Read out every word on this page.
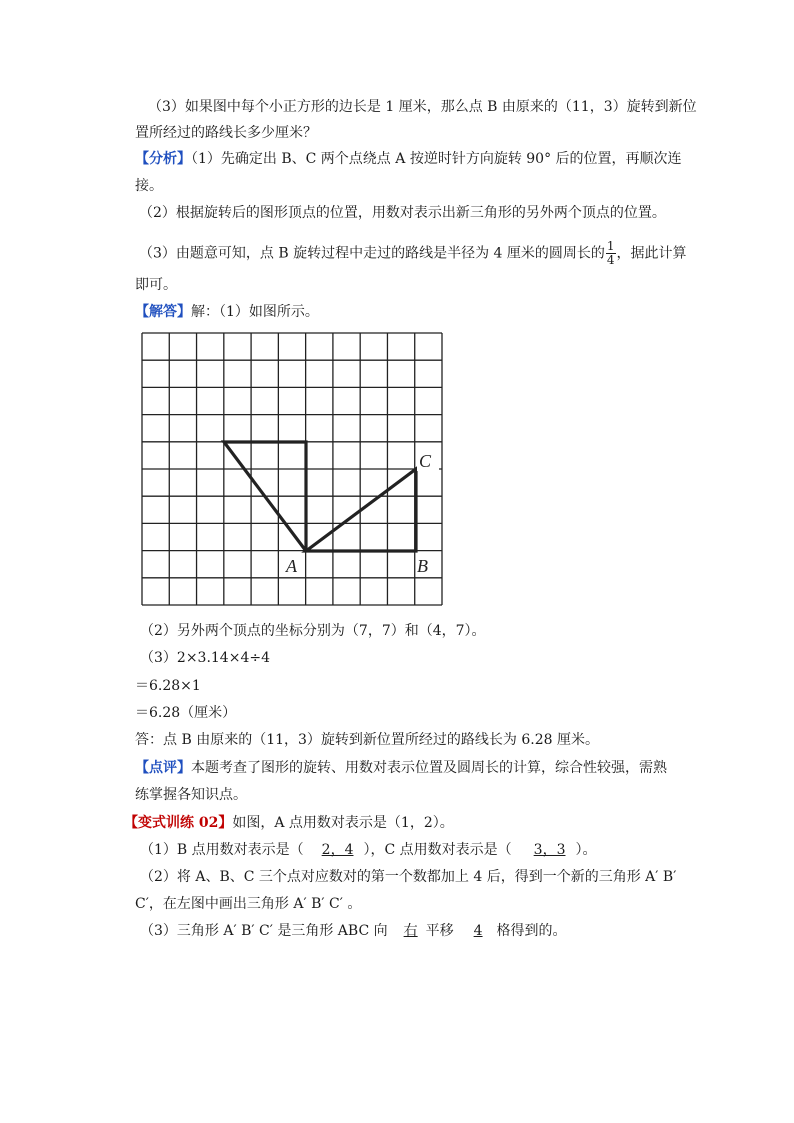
（3）如果图中每个小正方形的边长是 1 厘米，那么点 B 由原来的（11，3）旋转到新位
置所经过的路线长多少厘米？
【分析】（1）先确定出 B、C 两个点绕点 A 按逆时针方向旋转 90° 后的位置，再顺次连
接。
（2）根据旋转后的图形顶点的位置，用数对表示出新三角形的另外两个顶点的位置。
（3）由题意可知，点 B 旋转过程中走过的路线是半径为 4 厘米的圆周长的 $\frac{1}{4}$ ，据此计算
即可。
【解答】解：（1）如图所示。
A	B
C
（2）另外两个顶点的坐标分别为（7，7）和（4，7）。
（3）2×3.14×4÷4
＝6.28×1
＝6.28（厘米）
答：点 B 由原来的（11，3）旋转到新位置所经过的路线长为 6.28 厘米。
【点评】本题考查了图形的旋转、用数对表示位置及圆周长的计算，综合性较强，需熟
练掌握各知识点。
【变式训练 02】如图，A 点用数对表示是（1，2）。
（1）B 点用数对表示是（ 2，4 ），C 点用数对表示是（ 3，3 ）。
（2）将 A、B、C 三个点对应数对的第一个数都加上 4 后，得到一个新的三角形 A′ B′
C′，在左图中画出三角形 A′ B′ C′ 。
（3）三角形 A′ B′ C′ 是三角形 ABC 向 右 平移 4 格得到的。
